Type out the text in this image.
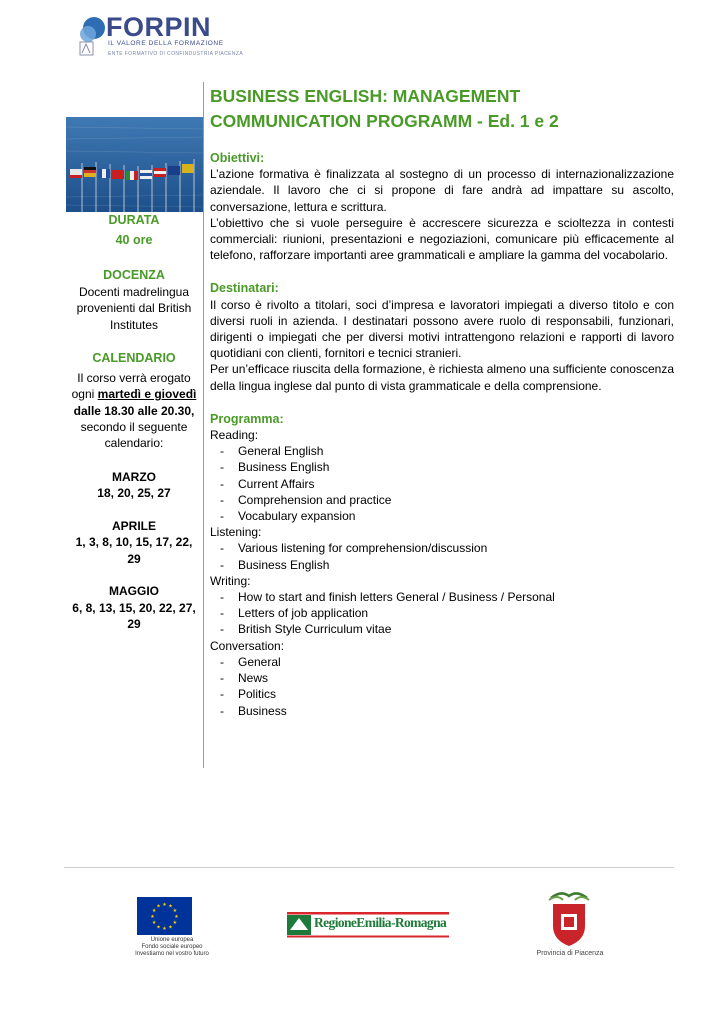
FORPIN
IL VALORE DELLA FORMAZIONE
ENTE FORMATIVO DI CONFINDUSTRIA PIACENZA
DURATA
40 ore
DOCENZA
Docenti madrelingua
provenienti dal British
Institutes
CALENDARIO
Il corso verrà erogato
ogni martedì e giovedì
dalle 18.30 alle 20.30,
secondo il seguente
calendario:
MARZO
18, 20, 25, 27
APRILE
1, 3, 8, 10, 15, 17, 22,
29
MAGGIO
6, 8, 13, 15, 20, 22, 27,
29
BUSINESS ENGLISH: MANAGEMENT COMMUNICATION PROGRAMM - Ed. 1 e 2

Obiettivi:

L’azione formativa è finalizzata al sostegno di un processo di internazionalizzazione aziendale. Il lavoro che ci si propone di fare andrà ad impattare su ascolto, conversazione, lettura e scrittura.

L’obiettivo che si vuole perseguire è accrescere sicurezza e scioltezza in contesti commerciali: riunioni, presentazioni e negoziazioni, comunicare più efficacemente al telefono, rafforzare importanti aree grammaticali e ampliare la gamma del vocabolario.

Destinatari:

Il corso è rivolto a titolari, soci d’impresa e lavoratori impiegati a diverso titolo e con diversi ruoli in azienda. I destinatari possono avere ruolo di responsabili, funzionari, dirigenti o impiegati che per diversi motivi intrattengono relazioni e rapporti di lavoro quotidiani con clienti, fornitori e tecnici stranieri.

Per un’efficace riuscita della formazione, è richiesta almeno una sufficiente conoscenza della lingua inglese dal punto di vista grammaticale e della comprensione.

Programma:

Reading:
- General English
- Business English
- Current Affairs
- Comprehension and practice
- Vocabulary expansion
Listening:
- Various listening for comprehension/discussion
- Business English
Writing:
- How to start and finish letters General / Business / Personal
- Letters of job application
- British Style Curriculum vitae
Conversation:
- General
- News
- Politics
- Business
★ ★
★
★
★
★
★
★
★
★
★
★
Unione europea
Fondo sociale europeo
Investiamo nel vostro futuro
RegioneEmilia-Romagna
Provincia di Piacenza
